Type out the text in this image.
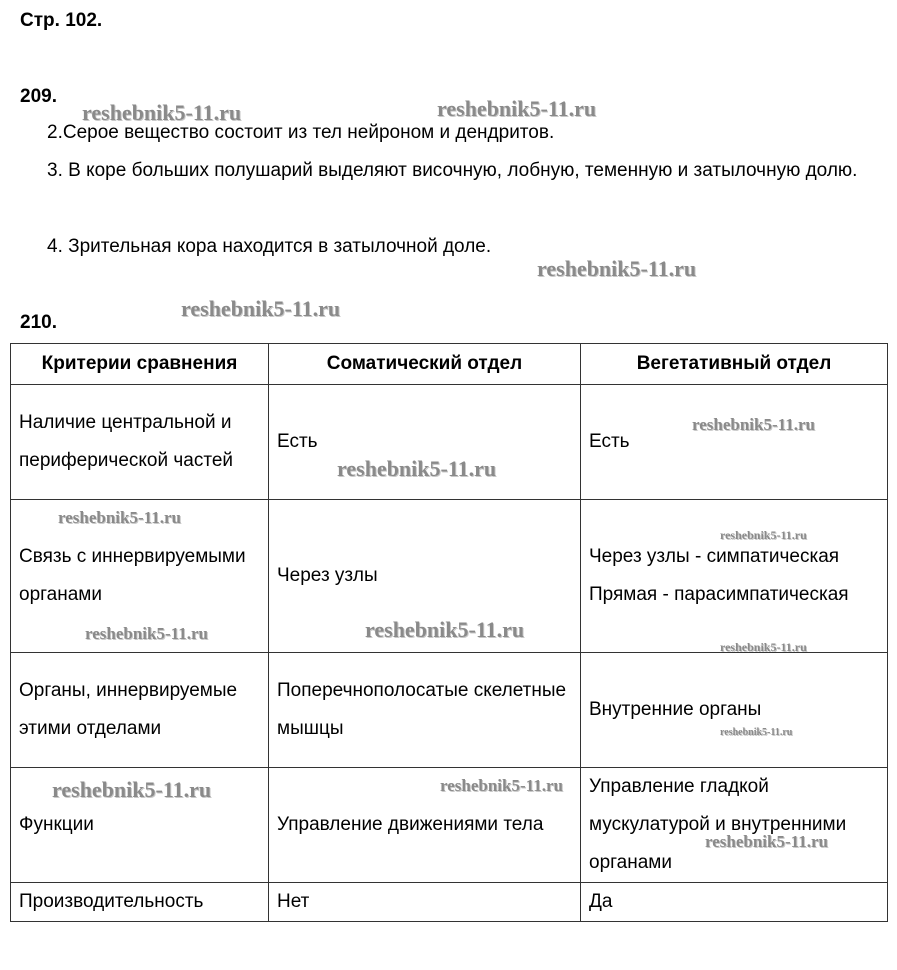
Стр. 102.
209.
2.Серое вещество состоит из тел нейроном и дендритов.
3. В коре больших полушарий выделяют височную, лобную, теменную и затылочную долю.
4. Зрительная кора находится в затылочной доле.
210.
Критерии сравнения	Соматический отдел	Вегетативный отдел
Наличие центральной и периферической частей	Есть	Есть
Связь с иннервируемыми органами	Через узлы	Через узлы - симпатическая Прямая - парасимпатическая
Органы, иннервируемые этими отделами	Поперечнополосатые скелетные мышцы	Внутренние органы
Функции	Управление движениями тела	Управление гладкой мускулатурой и внутренними органами
Производительность	Нет	Да
reshebnik5-11.ru	reshebnik5-11.ru
reshebnik5-11.ru
reshebnik5-11.ru
reshebnik5-11.ru
reshebnik5-11.ru
reshebnik5-11.ru
reshebnik5-11.ru
reshebnik5-11.ru	reshebnik5-11.ru
reshebnik5-11.ru
reshebnik5-11.ru
reshebnik5-11.ru	reshebnik5-11.ru
reshebnik5-11.ru
